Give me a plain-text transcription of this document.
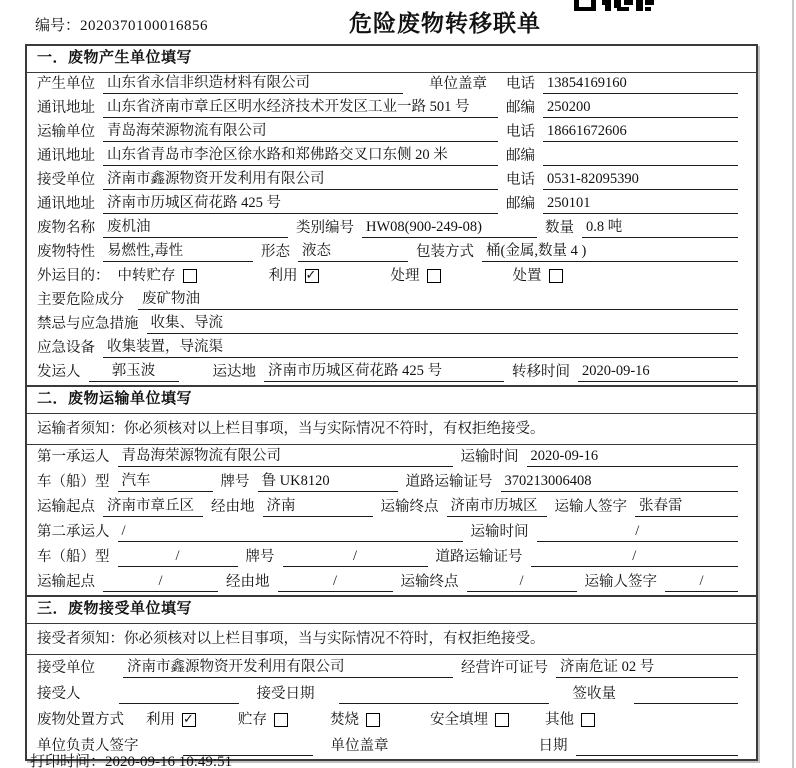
编号：2020370100016856	危险废物转移联单
一．废物产生单位填写
产生单位 山东省永信非织造材料有限公司	单位盖章 电话 13854169160
通讯地址 山东省济南市章丘区明水经济技术开发区工业一路 501 号	邮编 250200
运输单位 青岛海荣源物流有限公司	电话 18661672606
通讯地址 山东省青岛市李沧区徐水路和郑佛路交叉口东侧 20 米	邮编
接受单位 济南市鑫源物资开发利用有限公司	电话 0531-82095390
通讯地址 济南市历城区荷花路 425 号	邮编 250101
废物名称 废机油	类别编号 HW08(900-249-08)	数量 0.8 吨
废物特性 易燃性,毒性	形态 液态	包装方式 桶(金属,数量 4 )
外运目的： 中转贮存	利用 ✓	处理	处置
主要危险成分 废矿物油
禁忌与应急措施 收集、导流
应急设备 收集装置，导流渠
发运人	郭玉波	运达地 济南市历城区荷花路 425 号	转移时间 2020-09-16
二．废物运输单位填写
运输者须知：你必须核对以上栏目事项，当与实际情况不符时，有权拒绝接受。
第一承运人 青岛海荣源物流有限公司	运输时间 2020-09-16
车（船）型 汽车	牌号 鲁 UK8120	道路运输证号 370213006408
运输起点 济南市章丘区	经由地 济南	运输终点 济南市历城区	运输人签字 张春雷
第二承运人 /	运输时间	/
车（船）型	/	牌号	/	道路运输证号	/
运输起点	/	经由地	/	运输终点	/	运输人签字	/
三．废物接受单位填写
接受者须知：你必须核对以上栏目事项，当与实际情况不符时，有权拒绝接受。
接受单位 济南市鑫源物资开发利用有限公司	经营许可证号 济南危证 02 号
接受人	接受日期	签收量
废物处置方式 利用 ✓	贮存	焚烧	安全填埋	其他
单位负责人签字	单位盖章	日期
打印时间：2020-09-16 10:49:51
